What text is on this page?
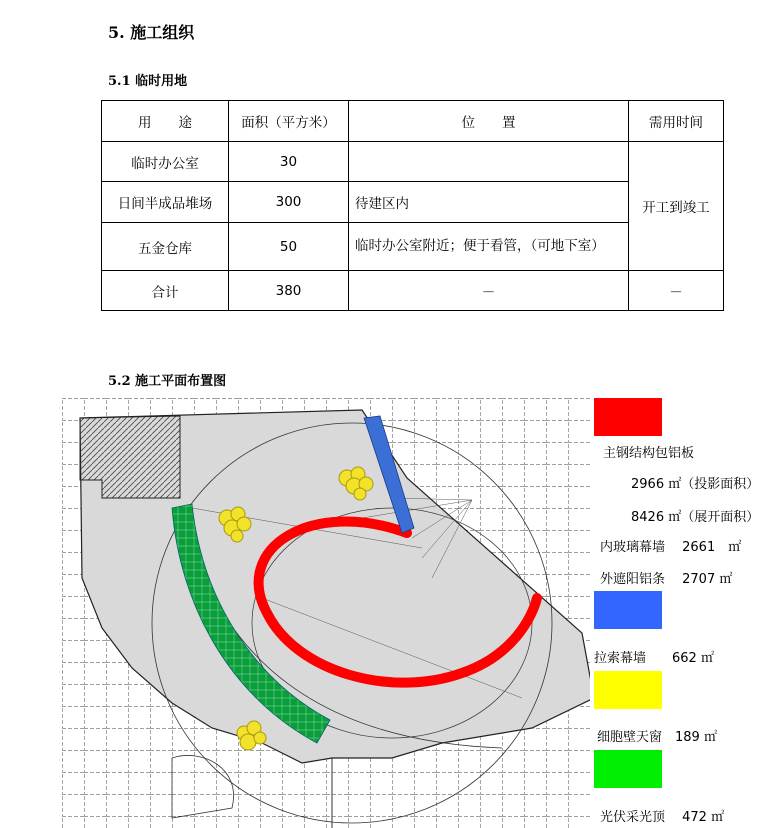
5. 施工组织
5.1 临时用地
用　　途	面积（平方米）	位　　置	需用时间
临时办公室	30		开工到竣工
日间半成品堆场	300	待建区内	
五金仓库	50	临时办公室附近；便于看管，（可地下室）	
合计	380	－	－
5.2 施工平面布置图
主钢结构包铝板
2966 ㎡（投影面积）
8426 ㎡（展开面积）
内玻璃幕墙　 2661　㎡
外遮阳铝条　 2707 ㎡
拉索幕墙　　662 ㎡
细胞壁天窗　189 ㎡
光伏采光顶　 472 ㎡
